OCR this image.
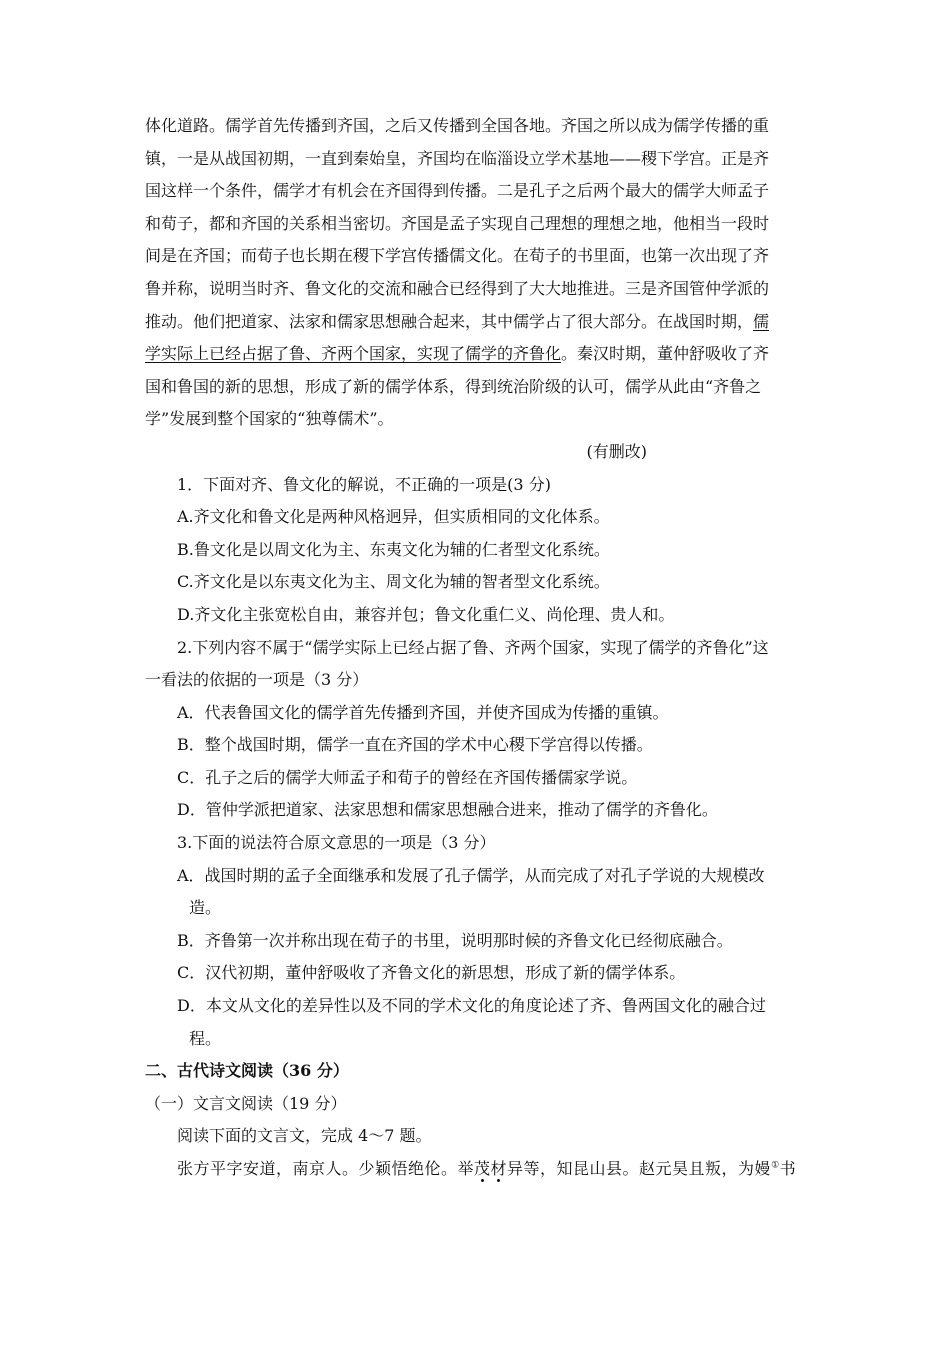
体化道路。儒学首先传播到齐国，之后又传播到全国各地。齐国之所以成为儒学传播的重
镇，一是从战国初期，一直到秦始皇，齐国均在临淄设立学术基地——稷下学宫。正是齐
国这样一个条件，儒学才有机会在齐国得到传播。二是孔子之后两个最大的儒学大师孟子
和荀子，都和齐国的关系相当密切。齐国是孟子实现自己理想的理想之地，他相当一段时
间是在齐国；而荀子也长期在稷下学宫传播儒文化。在荀子的书里面，也第一次出现了齐
鲁并称，说明当时齐、鲁文化的交流和融合已经得到了大大地推进。三是齐国管仲学派的
推动。他们把道家、法家和儒家思想融合起来，其中儒学占了很大部分。在战国时期，儒
学实际上已经占据了鲁、齐两个国家，实现了儒学的齐鲁化。秦汉时期，董仲舒吸收了齐
国和鲁国的新的思想，形成了新的儒学体系，得到统治阶级的认可，儒学从此由“齐鲁之
学”发展到整个国家的“独尊儒术”。
(有删改)
1．下面对齐、鲁文化的解说，不正确的一项是(3 分)
A.齐文化和鲁文化是两种风格迥异，但实质相同的文化体系。
B.鲁文化是以周文化为主、东夷文化为辅的仁者型文化系统。
C.齐文化是以东夷文化为主、周文化为辅的智者型文化系统。
D.齐文化主张宽松自由，兼容并包；鲁文化重仁义、尚伦理、贵人和。
2.下列内容不属于“儒学实际上已经占据了鲁、齐两个国家，实现了儒学的齐鲁化”这
一看法的依据的一项是（3 分）
A．代表鲁国文化的儒学首先传播到齐国，并使齐国成为传播的重镇。
B．整个战国时期，儒学一直在齐国的学术中心稷下学宫得以传播。
C．孔子之后的儒学大师孟子和荀子的曾经在齐国传播儒家学说。
D．管仲学派把道家、法家思想和儒家思想融合进来，推动了儒学的齐鲁化。
3.下面的说法符合原文意思的一项是（3 分）
A．战国时期的孟子全面继承和发展了孔子儒学，从而完成了对孔子学说的大规模改
造。
B．齐鲁第一次并称出现在荀子的书里，说明那时候的齐鲁文化已经彻底融合。
C．汉代初期，董仲舒吸收了齐鲁文化的新思想，形成了新的儒学体系。
D．本文从文化的差异性以及不同的学术文化的角度论述了齐、鲁两国文化的融合过
程。
二、古代诗文阅读（36 分）
（一）文言文阅读（19 分）
阅读下面的文言文，完成 4～7 题。
张方平字安道，南京人。少颖悟绝伦。举茂材异等，知昆山县。赵元昊且叛，为嫚①书
